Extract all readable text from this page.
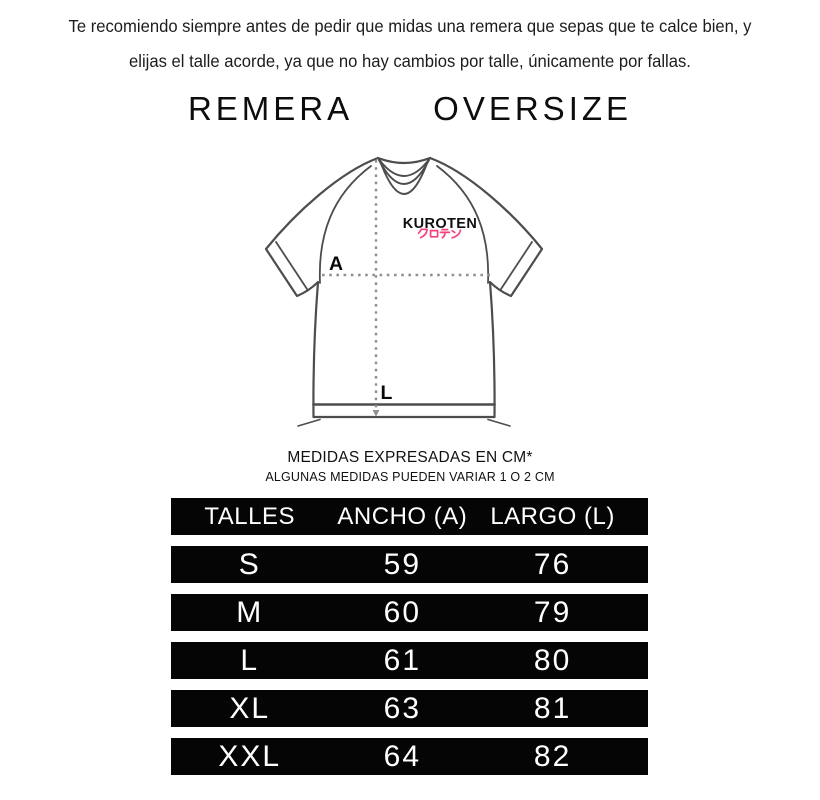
Te recomiendo siempre antes de pedir que midas una remera que sepas que te calce bien, y
elijas el talle acorde, ya que no hay cambios por talle, únicamente por fallas.
REMERA OVERSIZE
A
L
KUROTEN
MEDIDAS EXPRESADAS EN CM*
ALGUNAS MEDIDAS PUEDEN VARIAR 1 O 2 CM
TALLES	ANCHO (A) LARGO (L)
S	59	76
M	60	79
L	61	80
XL	63	81
XXL	64	82
